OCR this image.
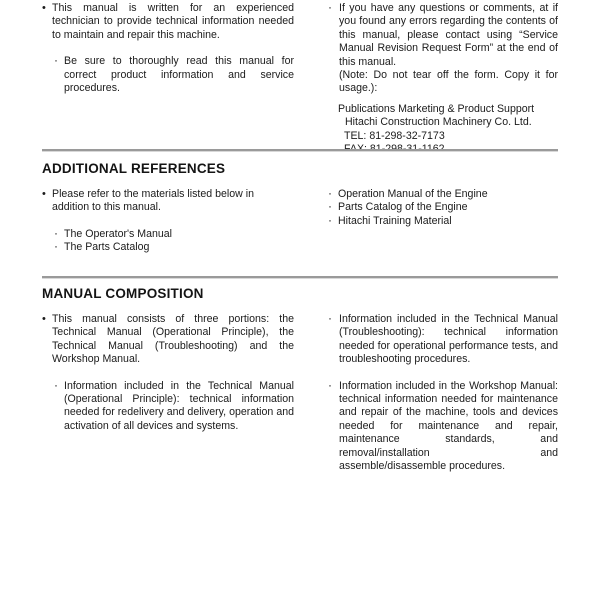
• This manual is written for an experienced technician to provide technical information needed to maintain and repair this machine.
· Be sure to thoroughly read this manual for correct product information and service procedures.
· If you have any questions or comments, at if you found any errors regarding the contents of this manual, please contact using “Service Manual Revision Request Form” at the end of this manual.
(Note: Do not tear off the form. Copy it for usage.):
Publications Marketing & Product Support
Hitachi Construction Machinery Co. Ltd.
TEL: 81-298-32-7173
ADDITIONAL REFERENCES
• Please refer to the materials listed below in addition to this manual.
· The Operator's Manual
· The Parts Catalog
· Operation Manual of the Engine
· Parts Catalog of the Engine
· Hitachi Training Material
MANUAL COMPOSITION
• This manual consists of three portions: the Technical Manual (Operational Principle), the Technical Manual (Troubleshooting) and the Workshop Manual.
· Information included in the Technical Manual (Operational Principle): technical information needed for redelivery and delivery, operation and activation of all devices and systems.
· Information included in the Technical Manual (Troubleshooting): technical information needed for operational performance tests, and troubleshooting procedures.
· Information included in the Workshop Manual: technical information needed for maintenance and repair of the machine, tools and devices needed for maintenance and repair, maintenance standards, and removal/installation and assemble/disassemble procedures.
